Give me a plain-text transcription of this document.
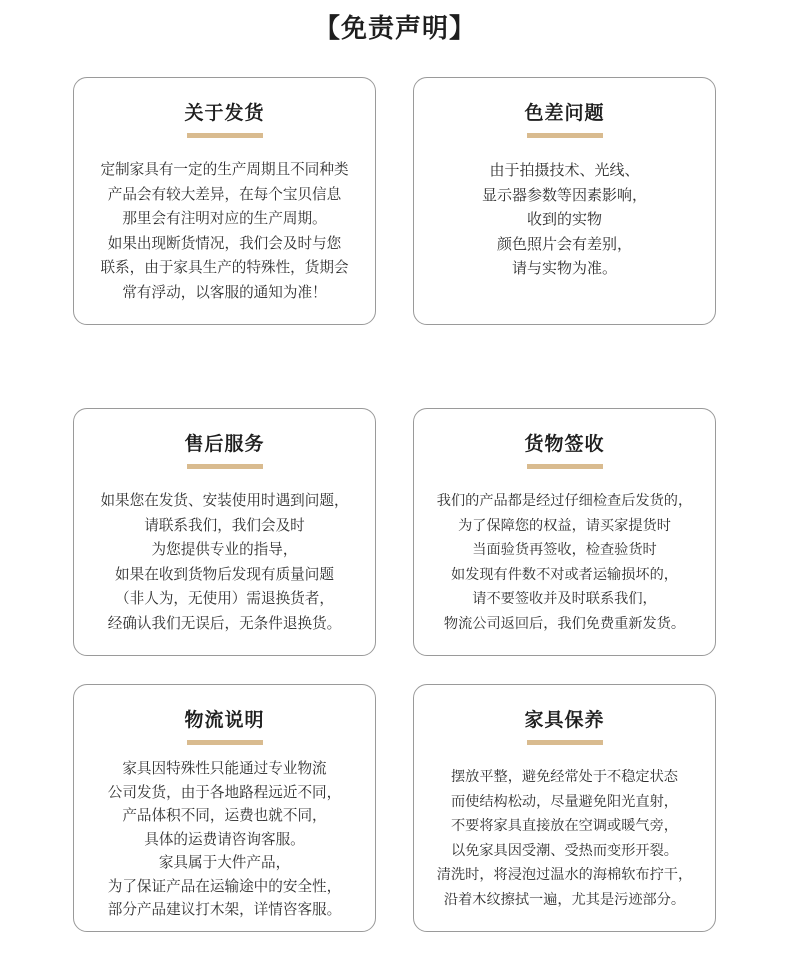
【免责声明】
关于发货
定制家具有一定的生产周期且不同种类
产品会有较大差异，在每个宝贝信息
那里会有注明对应的生产周期。
如果出现断货情况，我们会及时与您
联系，由于家具生产的特殊性，货期会
常有浮动，以客服的通知为准！
色差问题
由于拍摄技术、光线、
显示器参数等因素影响，
收到的实物
颜色照片会有差别，
请与实物为准。
售后服务
如果您在发货、安装使用时遇到问题，
请联系我们，我们会及时
为您提供专业的指导，
如果在收到货物后发现有质量问题
（非人为，无使用）需退换货者，
经确认我们无误后，无条件退换货。
货物签收
我们的产品都是经过仔细检查后发货的，
为了保障您的权益，请买家提货时
当面验货再签收，检查验货时
如发现有件数不对或者运输损坏的，
请不要签收并及时联系我们，
物流公司返回后，我们免费重新发货。
物流说明
家具因特殊性只能通过专业物流
公司发货，由于各地路程远近不同，
产品体积不同，运费也就不同，
具体的运费请咨询客服。
家具属于大件产品，
为了保证产品在运输途中的安全性，
部分产品建议打木架，详情咨客服。
家具保养
摆放平整，避免经常处于不稳定状态
而使结构松动，尽量避免阳光直射，
不要将家具直接放在空调或暖气旁，
以免家具因受潮、受热而变形开裂。
清洗时，将浸泡过温水的海棉软布拧干，
沿着木纹擦拭一遍，尤其是污迹部分。
